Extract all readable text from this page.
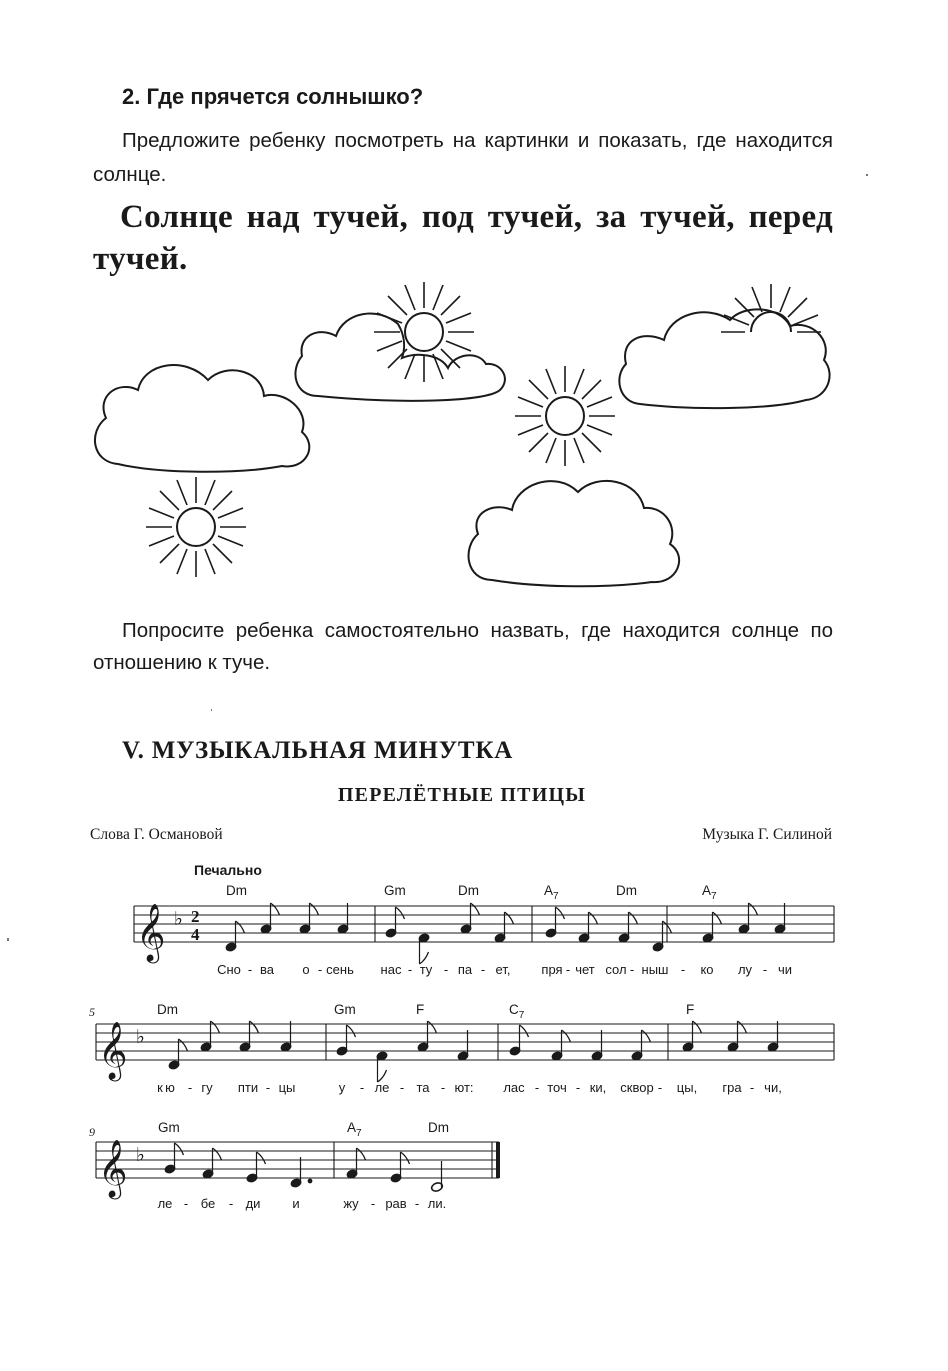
2. Где прячется солнышко?

Предложите ребенку посмотреть на картинки и показать, где находится солнце.

Солнце над тучей, под тучей, за тучей, перед тучей.

Попросите ребенка самостоятельно назвать, где находится солнце по отношению к туче.

V. МУЗЫКАЛЬНАЯ МИНУТКА

ПЕРЕЛЁТНЫЕ ПТИЦЫ

Слова Г. Османовой	Музыка Г. Силиной

Печально
𝄞 ♭ 2
4
Dm	Gm	Dm	$A_7$	Dm	$A_7$
Сно - ва о - сень нас - ту - па - ет, пря - чет сол - ныш - ко лу - чи
5
𝄞 ♭
Dm	Gm	F	$C_7$	F
к ю - гу пти - цы	у - ле - та - ют: лас - точ - ки, сквор - цы, гра - чи,
9
𝄞 ♭
Gm	$A_7$	Dm
ле - бе - ди и	жу - рав - ли.
